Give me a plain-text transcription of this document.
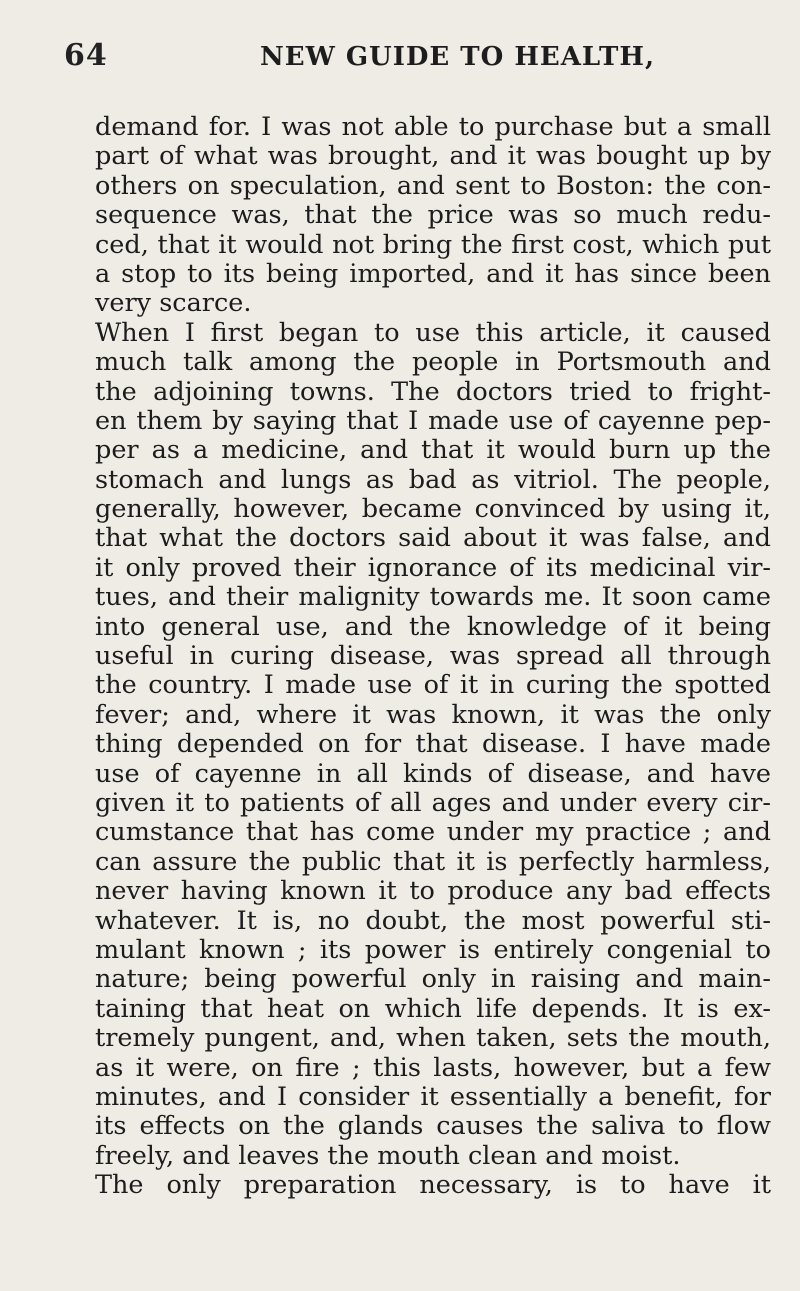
64	NEW GUIDE TO HEALTH,
demand for. I was not able to purchase but a small
part of what was brought, and it was bought up by
others on speculation, and sent to Boston: the con-
sequence was, that the price was so much redu-
ced, that it would not bring the first cost, which put
a stop to its being imported, and it has since been
very scarce.
When I first began to use this article, it caused
much talk among the people in Portsmouth and
the adjoining towns. The doctors tried to fright-
en them by saying that I made use of cayenne pep-
per as a medicine, and that it would burn up the
stomach and lungs as bad as vitriol. The people,
generally, however, became convinced by using it,
that what the doctors said about it was false, and
it only proved their ignorance of its medicinal vir-
tues, and their malignity towards me. It soon came
into general use, and the knowledge of it being
useful in curing disease, was spread all through
the country. I made use of it in curing the spotted
fever; and, where it was known, it was the only
thing depended on for that disease. I have made
use of cayenne in all kinds of disease, and have
given it to patients of all ages and under every cir-
cumstance that has come under my practice ; and
can assure the public that it is perfectly harmless,
never having known it to produce any bad effects
whatever. It is, no doubt, the most powerful sti-
mulant known ; its power is entirely congenial to
nature; being powerful only in raising and main-
taining that heat on which life depends. It is ex-
tremely pungent, and, when taken, sets the mouth,
as it were, on fire ; this lasts, however, but a few
minutes, and I consider it essentially a benefit, for
its effects on the glands causes the saliva to flow
freely, and leaves the mouth clean and moist.
The only preparation necessary, is to have it
